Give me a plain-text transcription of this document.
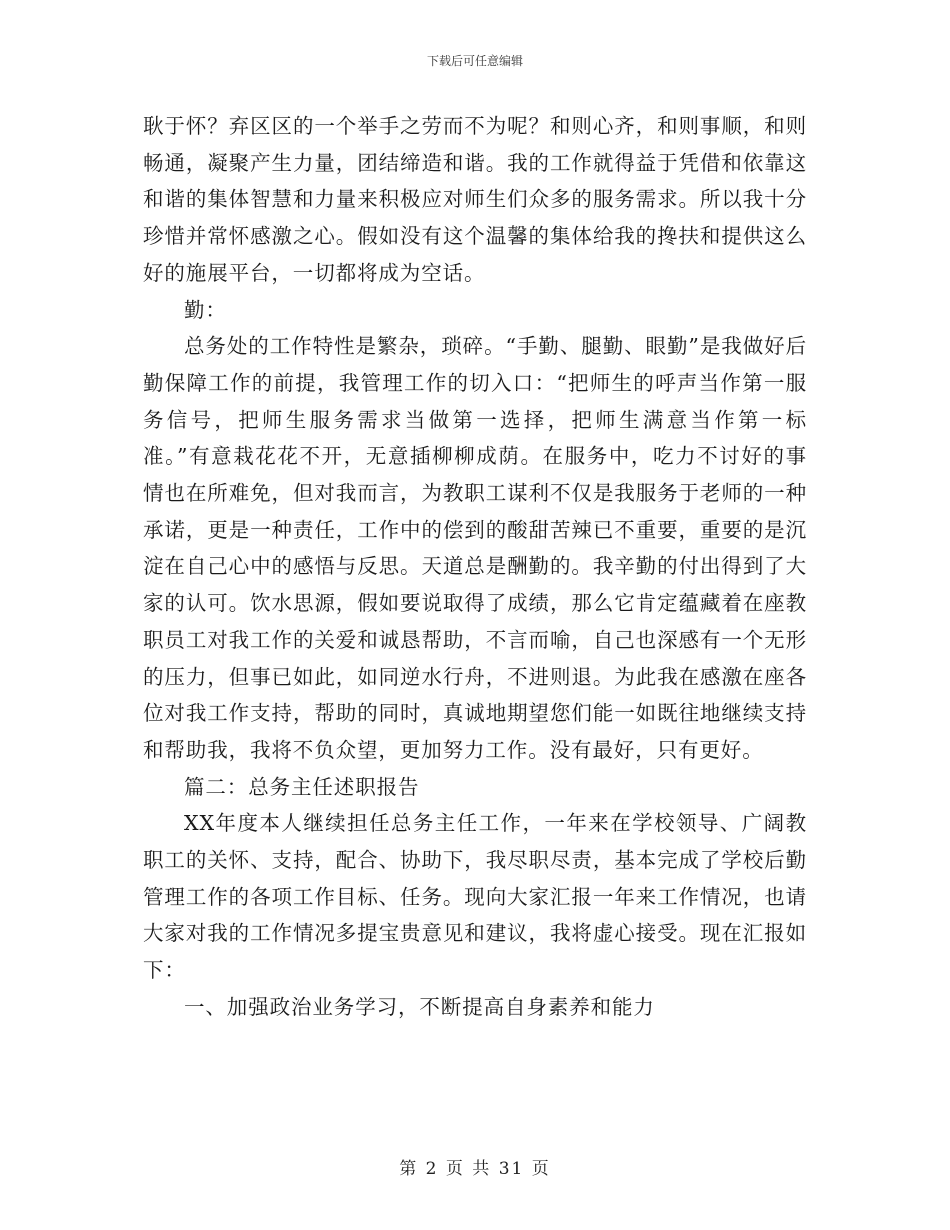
下载后可任意编辑

耿于怀？弃区区的一个举手之劳而不为呢？和则心齐，和则事顺，和则畅通，凝聚产生力量，团结缔造和谐。我的工作就得益于凭借和依靠这和谐的集体智慧和力量来积极应对师生们众多的服务需求。所以我十分珍惜并常怀感激之心。假如没有这个温馨的集体给我的搀扶和提供这么好的施展平台，一切都将成为空话。

勤：

总务处的工作特性是繁杂，琐碎。“手勤、腿勤、眼勤”是我做好后勤保障工作的前提，我管理工作的切入口：“把师生的呼声当作第一服务信号，把师生服务需求当做第一选择，把师生满意当作第一标准。”有意栽花花不开，无意插柳柳成荫。在服务中，吃力不讨好的事情也在所难免，但对我而言，为教职工谋利不仅是我服务于老师的一种承诺，更是一种责任，工作中的偿到的酸甜苦辣已不重要，重要的是沉淀在自己心中的感悟与反思。天道总是酬勤的。我辛勤的付出得到了大家的认可。饮水思源，假如要说取得了成绩，那么它肯定蕴藏着在座教职员工对我工作的关爱和诚恳帮助，不言而喻，自己也深感有一个无形的压力，但事已如此，如同逆水行舟，不进则退。为此我在感激在座各位对我工作支持，帮助的同时，真诚地期望您们能一如既往地继续支持和帮助我，我将不负众望，更加努力工作。没有最好，只有更好。

篇二：总务主任述职报告

XX年度本人继续担任总务主任工作，一年来在学校领导、广阔教职工的关怀、支持，配合、协助下，我尽职尽责，基本完成了学校后勤管理工作的各项工作目标、任务。现向大家汇报一年来工作情况，也请大家对我的工作情况多提宝贵意见和建议，我将虚心接受。现在汇报如下：

一、加强政治业务学习，不断提高自身素养和能力

第 2 页 共 31 页
